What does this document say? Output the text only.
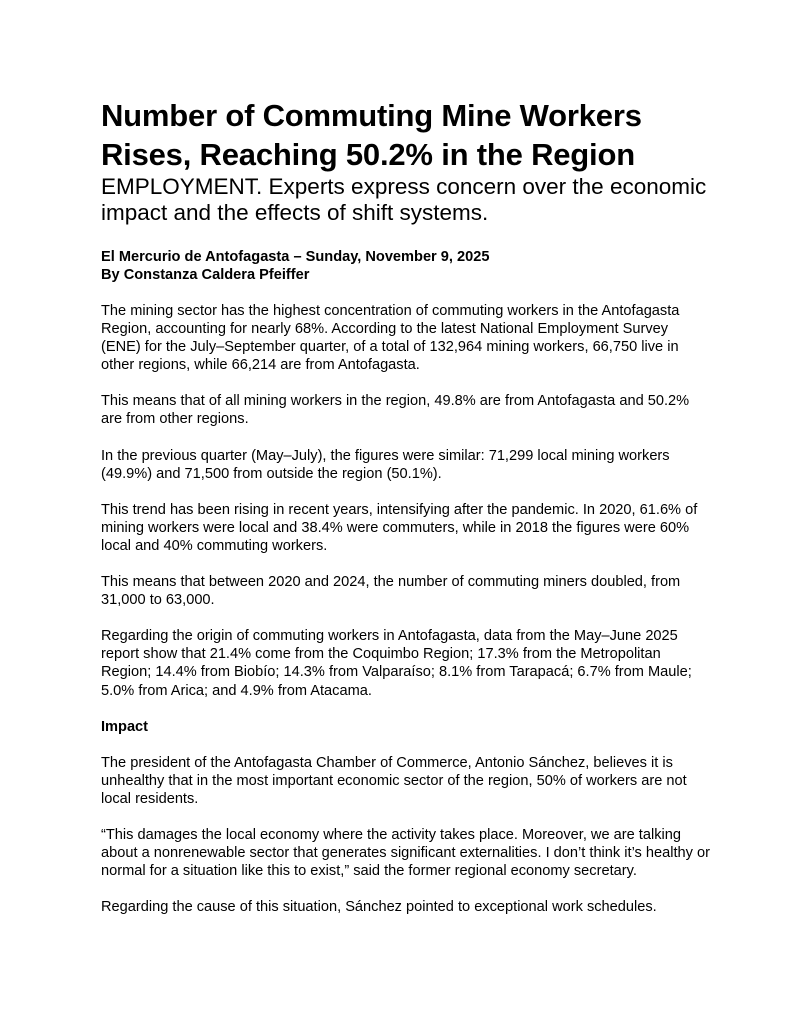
Number of Commuting Mine Workers Rises, Reaching 50.2% in the Region
EMPLOYMENT. Experts express concern over the economic impact and the effects of shift systems.
El Mercurio de Antofagasta – Sunday, November 9, 2025
By Constanza Caldera Pfeiffer

The mining sector has the highest concentration of commuting workers in the Antofagasta Region, accounting for nearly 68%. According to the latest National Employment Survey (ENE) for the July–September quarter, of a total of 132,964 mining workers, 66,750 live in other regions, while 66,214 are from Antofagasta.

This means that of all mining workers in the region, 49.8% are from Antofagasta and 50.2% are from other regions.

In the previous quarter (May–July), the figures were similar: 71,299 local mining workers (49.9%) and 71,500 from outside the region (50.1%).

This trend has been rising in recent years, intensifying after the pandemic. In 2020, 61.6% of mining workers were local and 38.4% were commuters, while in 2018 the figures were 60% local and 40% commuting workers.

This means that between 2020 and 2024, the number of commuting miners doubled, from 31,000 to 63,000.

Regarding the origin of commuting workers in Antofagasta, data from the May–June 2025 report show that 21.4% come from the Coquimbo Region; 17.3% from the Metropolitan Region; 14.4% from Biobío; 14.3% from Valparaíso; 8.1% from Tarapacá; 6.7% from Maule; 5.0% from Arica; and 4.9% from Atacama.

Impact

The president of the Antofagasta Chamber of Commerce, Antonio Sánchez, believes it is unhealthy that in the most important economic sector of the region, 50% of workers are not local residents.

“This damages the local economy where the activity takes place. Moreover, we are talking about a nonrenewable sector that generates significant externalities. I don’t think it’s healthy or normal for a situation like this to exist,” said the former regional economy secretary.

Regarding the cause of this situation, Sánchez pointed to exceptional work schedules.
